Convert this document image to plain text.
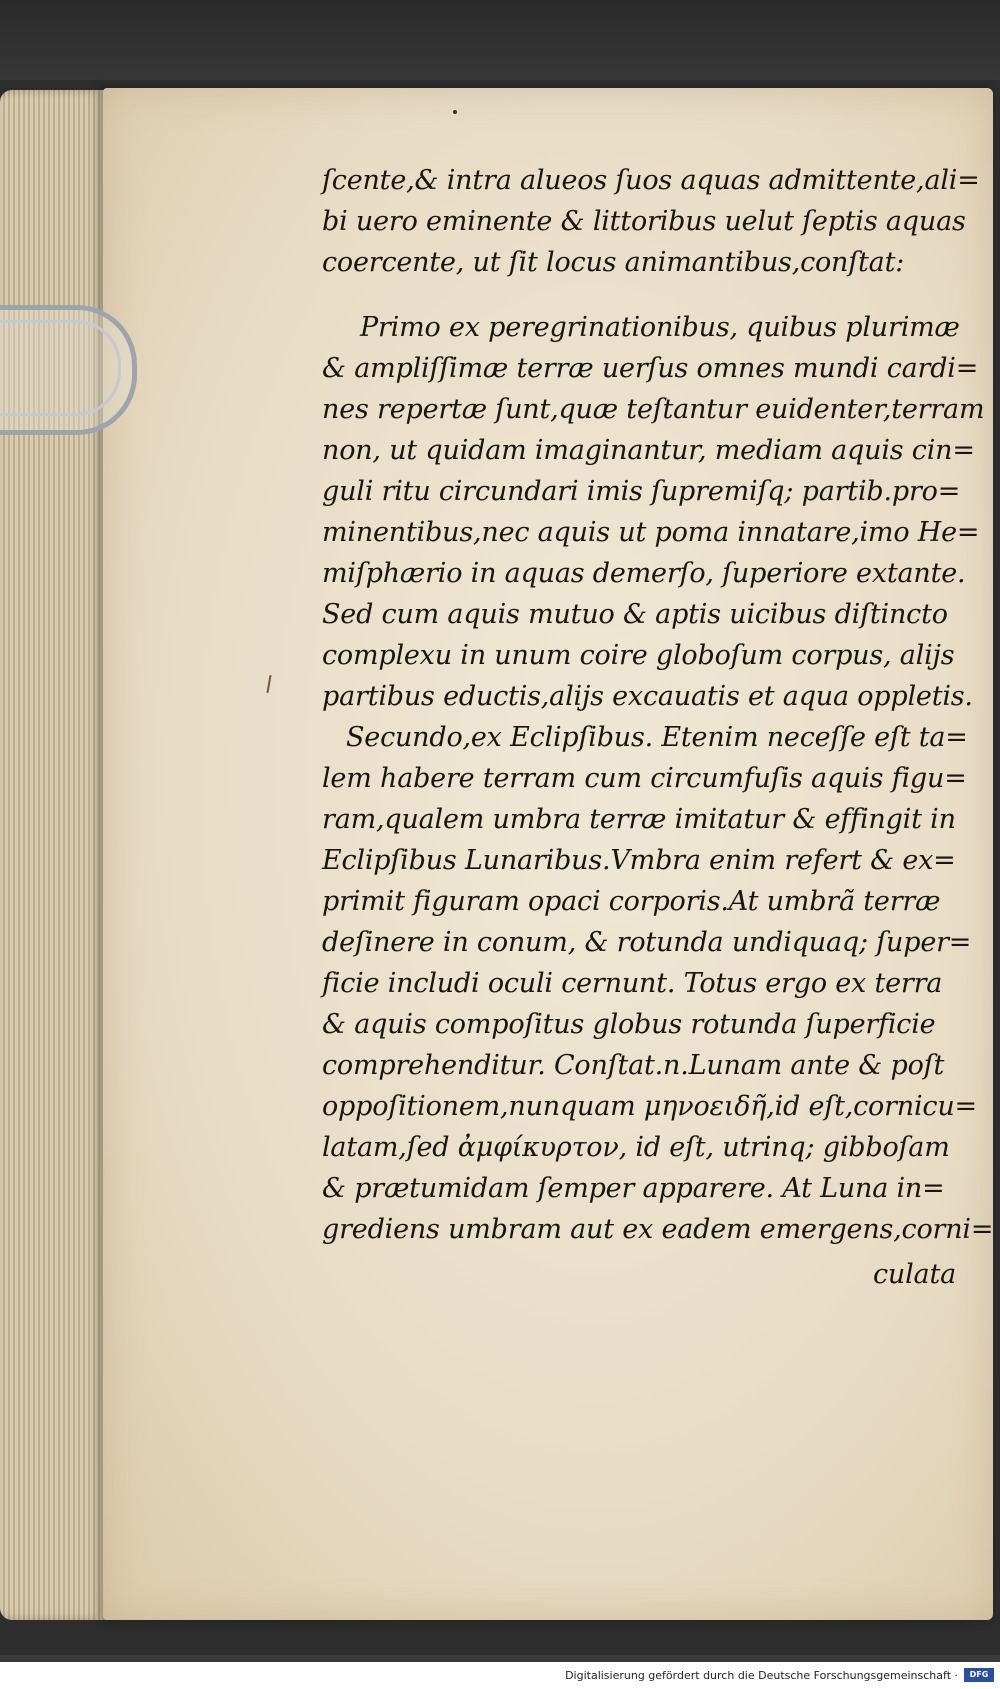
ſcente,& intra alueos ſuos aquas admittente,ali=
bi uero eminente & littoribus uelut ſeptis aquas
coercente, ut ſit locus animantibus,conſtat:
Primo ex peregrinationibus, quibus plurimæ
& ampliſſimæ terræ uerſus omnes mundi cardi=
nes repertæ ſunt,quæ teſtantur euidenter,terram
non, ut quidam imaginantur, mediam aquis cin=
guli ritu circundari imis ſupremiſq; partib.pro=
minentibus,nec aquis ut poma innatare,imo He=
miſphærio in aquas demerſo, ſuperiore extante.
Sed cum aquis mutuo & aptis uicibus diſtincto
complexu in unum coire globoſum corpus, alijs
partibus eductis,alijs excauatis et aqua oppletis.
Secundo,ex Eclipſibus. Etenim neceſſe eſt ta=
lem habere terram cum circumfuſis aquis figu=
ram,qualem umbra terræ imitatur & effingit in
Eclipſibus Lunaribus.Vmbra enim refert & ex=
primit figuram opaci corporis.At umbrã terræ
deſinere in conum, & rotunda undiquaq; ſuper=
ficie includi oculi cernunt. Totus ergo ex terra
& aquis compoſitus globus rotunda ſuperficie
comprehenditur. Conſtat.n.Lunam ante & poſt
oppoſitionem,nunquam μηνοειδῆ,id eſt,cornicu=
latam,ſed ἀμφίκυρτον, id eſt, utrinq; gibboſam
& prætumidam ſemper apparere. At Luna in=
grediens umbram aut ex eadem emergens,corni=
culata
Digitalisierung gefördert durch die Deutsche Forschungsgemeinschaft ·	DFG
